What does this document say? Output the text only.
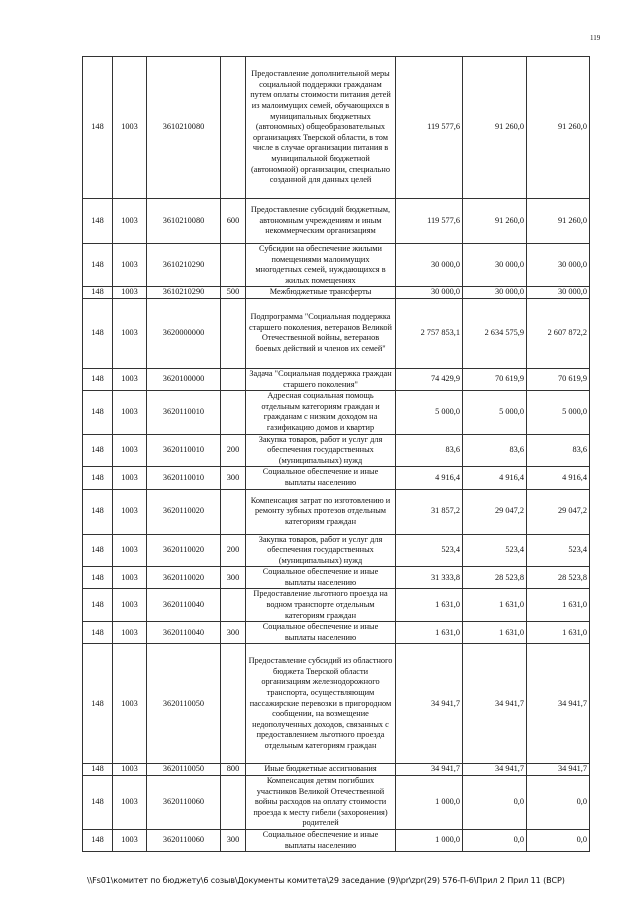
119
148	1003	3610210080		Предоставление дополнительной меры социальной поддержки гражданам путем оплаты стоимости питания детей из малоимущих семей, обучающихся в муниципальных бюджетных (автономных) общеобразовательных организациях Тверской области, в том числе в случае организации питания в муниципальной бюджетной (автономной) организации, специально созданной для данных целей	119 577,6	91 260,0	91 260,0
148	1003	3610210080	600	Предоставление субсидий бюджетным, автономным учреждениям и иным некоммерческим организациям	119 577,6	91 260,0	91 260,0
148	1003	3610210290		Субсидии на обеспечение жилыми помещениями малоимущих многодетных семей, нуждающихся в жилых помещениях	30 000,0	30 000,0	30 000,0
148	1003	3610210290	500	Межбюджетные трансферты	30 000,0	30 000,0	30 000,0
148	1003	3620000000		Подпрограмма "Социальная поддержка старшего поколения, ветеранов Великой Отечественной войны, ветеранов боевых действий и членов их семей"	2 757 853,1	2 634 575,9	2 607 872,2
148	1003	3620100000		Задача "Социальная поддержка граждан старшего поколения"	74 429,9	70 619,9	70 619,9
148	1003	3620110010		Адресная социальная помощь отдельным категориям граждан и гражданам с низким доходом на газификацию домов и квартир	5 000,0	5 000,0	5 000,0
148	1003	3620110010	200	Закупка товаров, работ и услуг для обеспечения государственных (муниципальных) нужд	83,6	83,6	83,6
148	1003	3620110010	300	Социальное обеспечение и иные выплаты населению	4 916,4	4 916,4	4 916,4
148	1003	3620110020		Компенсация затрат по изготовлению и ремонту зубных протезов отдельным категориям граждан	31 857,2	29 047,2	29 047,2
148	1003	3620110020	200	Закупка товаров, работ и услуг для обеспечения государственных (муниципальных) нужд	523,4	523,4	523,4
148	1003	3620110020	300	Социальное обеспечение и иные выплаты населению	31 333,8	28 523,8	28 523,8
148	1003	3620110040		Предоставление льготного проезда на водном транспорте отдельным категориям граждан	1 631,0	1 631,0	1 631,0
148	1003	3620110040	300	Социальное обеспечение и иные выплаты населению	1 631,0	1 631,0	1 631,0
148	1003	3620110050		Предоставление субсидий из областного бюджета Тверской области организациям железнодорожного транспорта, осуществляющим пассажирские перевозки в пригородном сообщении, на возмещение недополученных доходов, связанных с предоставлением льготного проезда отдельным категориям граждан	34 941,7	34 941,7	34 941,7
148	1003	3620110050	800	Иные бюджетные ассигнования	34 941,7	34 941,7	34 941,7
148	1003	3620110060		Компенсация детям погибших участников Великой Отечественной войны расходов на оплату стоимости проезда к месту гибели (захоронения) родителей	1 000,0	0,0	0,0
148	1003	3620110060	300	Социальное обеспечение и иные выплаты населению	1 000,0	0,0	0,0
\\Fs01\комитет по бюджету\6 созыв\Документы комитета\29 заседание (9)\pr\zpr(29) 576-П-6\Прил 2 Прил 11 (ВСР)
